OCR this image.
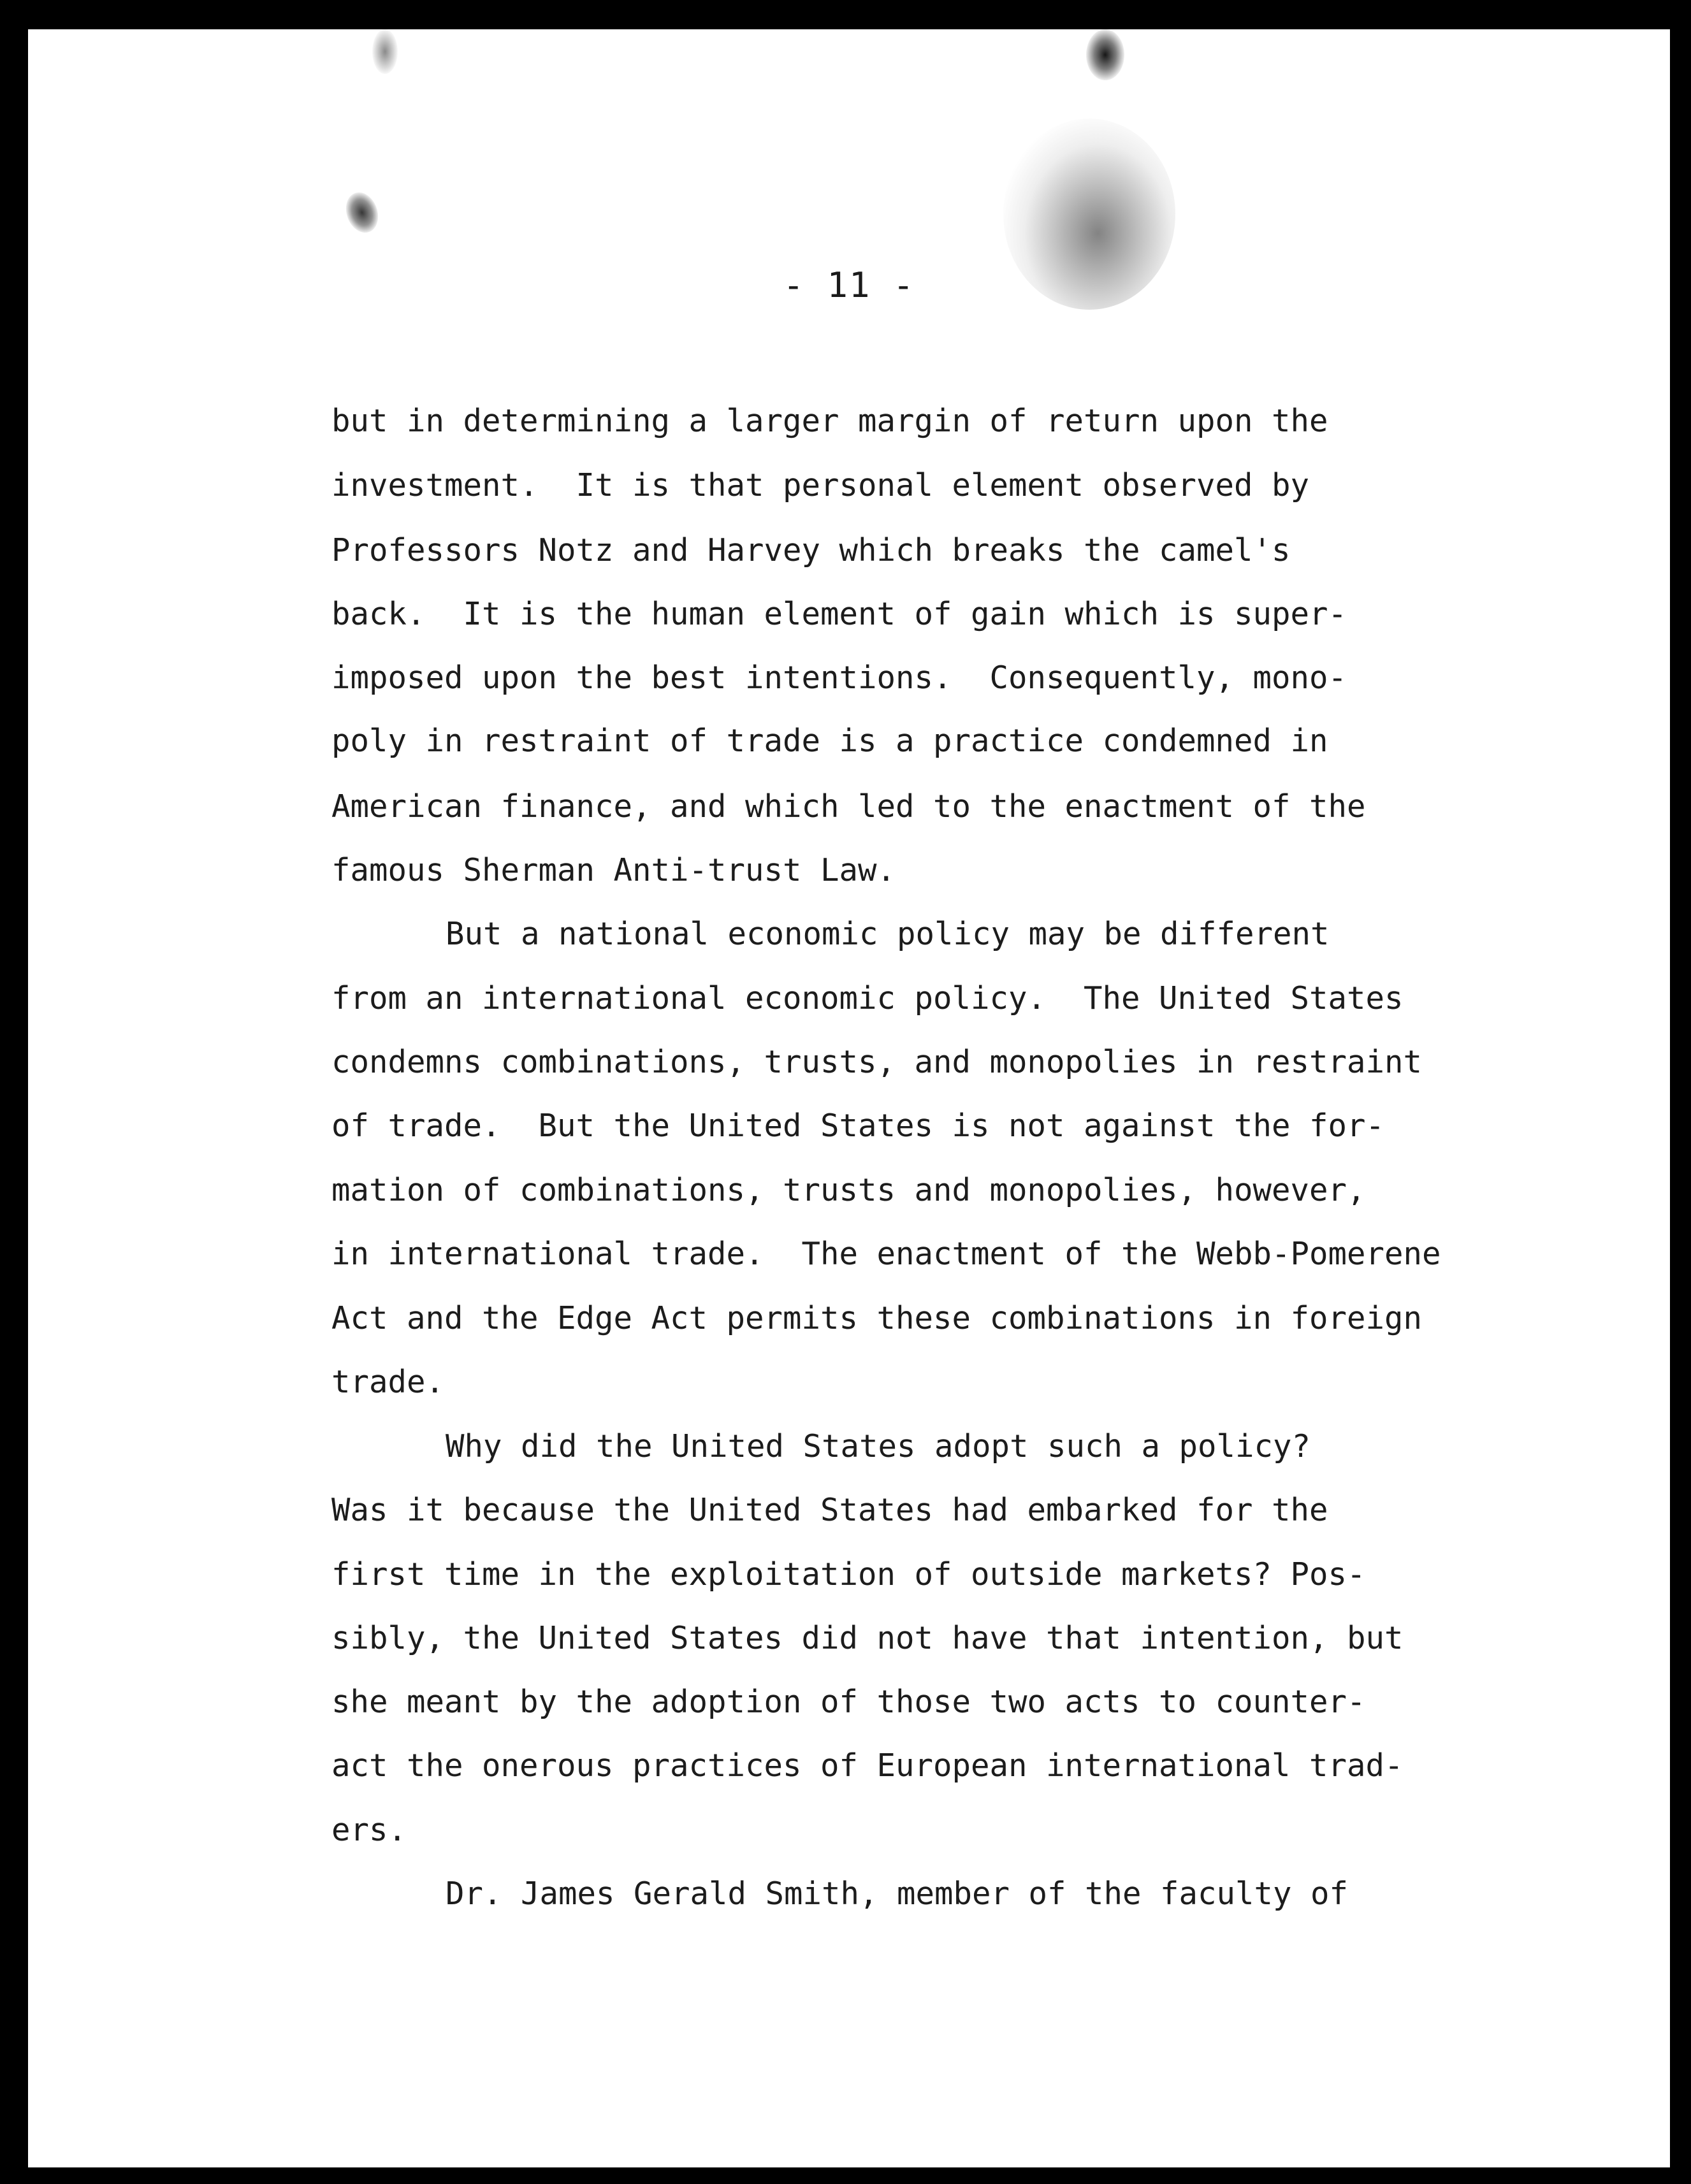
- 11 -
but in determining a larger margin of return upon the
investment.  It is that personal element observed by
Professors Notz and Harvey which breaks the camel's
back.  It is the human element of gain which is super-
imposed upon the best intentions.  Consequently, mono-
poly in restraint of trade is a practice condemned in
American finance, and which led to the enactment of the
famous Sherman Anti-trust Law.
But a national economic policy may be different
from an international economic policy.  The United States
condemns combinations, trusts, and monopolies in restraint
of trade.  But the United States is not against the for-
mation of combinations, trusts and monopolies, however,
in international trade.  The enactment of the Webb-Pomerene
Act and the Edge Act permits these combinations in foreign
trade.
Why did the United States adopt such a policy?
Was it because the United States had embarked for the
first time in the exploitation of outside markets? Pos-
sibly, the United States did not have that intention, but
she meant by the adoption of those two acts to counter-
act the onerous practices of European international trad-
ers.
Dr. James Gerald Smith, member of the faculty of
